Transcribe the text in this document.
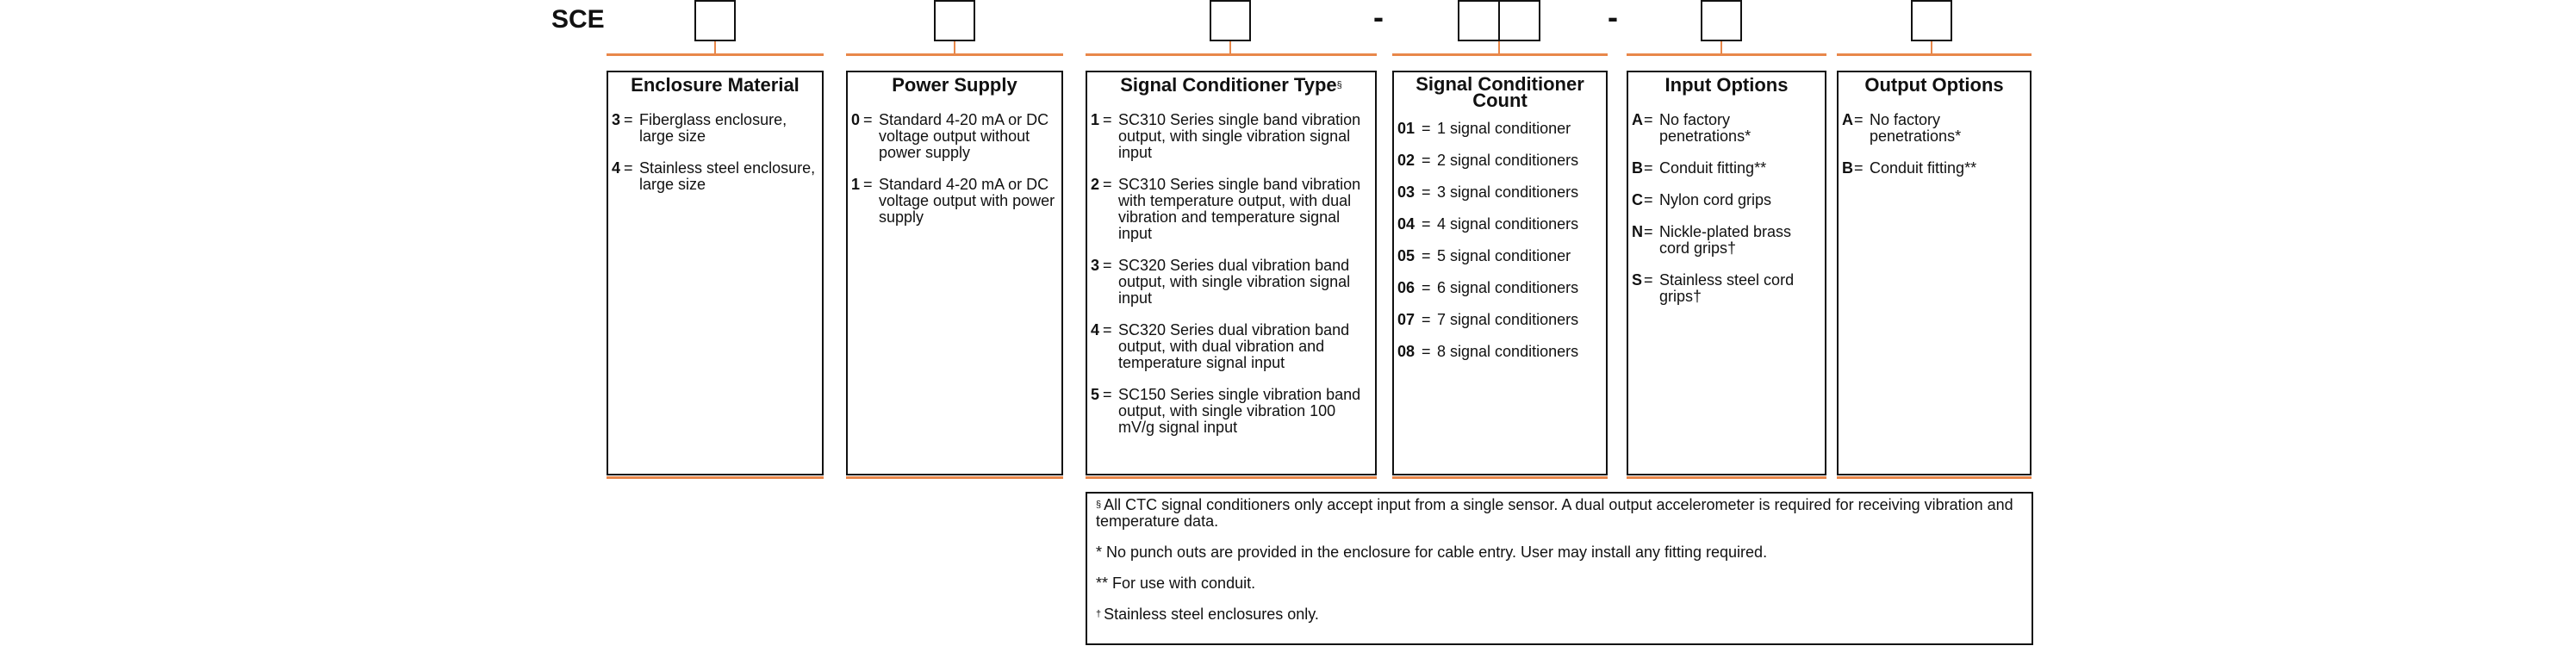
SCE	-	-
Enclosure Material
3 = Fiberglass enclosure, large size
4 = Stainless steel enclosure, large size
Power Supply
0 = Standard 4-20 mA or DC voltage output without power supply
1 = Standard 4-20 mA or DC voltage output with power supply
Signal Conditioner Type§
1 = SC310 Series single band vibration output, with single vibration signal input
2 = SC310 Series single band vibration with temperature output, with dual vibration and temperature signal input
3 = SC320 Series dual vibration band output, with single vibration signal input
4 = SC320 Series dual vibration band output, with dual vibration and temperature signal input
5 = SC150 Series single vibration band output, with single vibration 100 mV/g signal input
Signal Conditioner
Count
01 = 1 signal conditioner
02 = 2 signal conditioners
03 = 3 signal conditioners
04 = 4 signal conditioners
05 = 5 signal conditioner
06 = 6 signal conditioners
07 = 7 signal conditioners
08 = 8 signal conditioners
Input Options
A = No factory penetrations*
B = Conduit fitting**
C = Nylon cord grips
N = Nickle-plated brass cord grips†
S = Stainless steel cord grips†
Output Options
A = No factory penetrations*
B = Conduit fitting**
§ All CTC signal conditioners only accept input from a single sensor. A dual output accelerometer is required for receiving vibration and temperature data.
* No punch outs are provided in the enclosure for cable entry. User may install any fitting required.
** For use with conduit.
† Stainless steel enclosures only.
